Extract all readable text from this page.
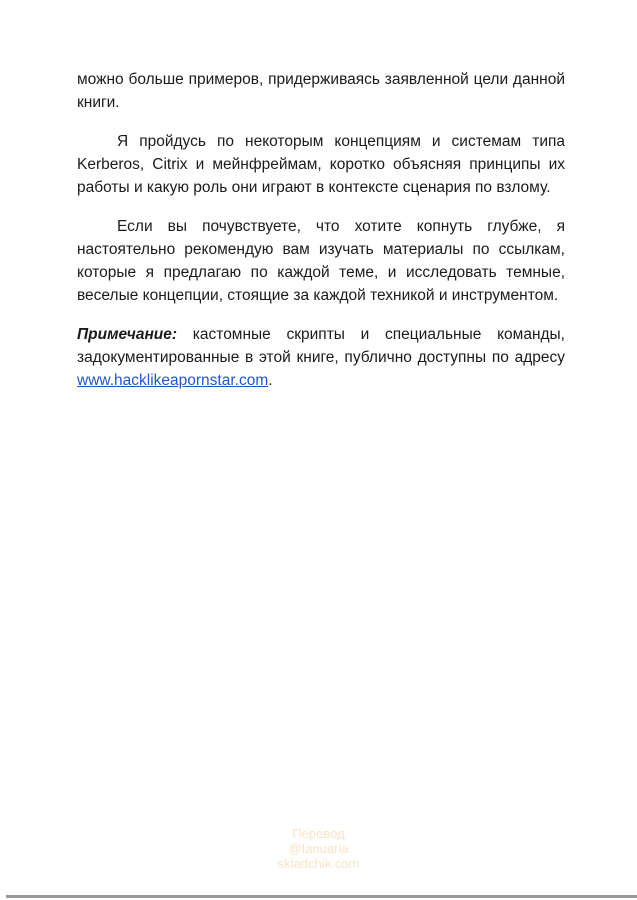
можно больше примеров, придерживаясь заявленной цели данной книги.

Я пройдусь по некоторым концепциям и системам типа Kerberos, Citrix и мейнфреймам, коротко объясняя принципы их работы и какую роль они играют в контексте сценария по взлому.

Если вы почувствуете, что хотите копнуть глубже, я настоятельно рекомендую вам изучать материалы по ссылкам, которые я предлагаю по каждой теме, и исследовать темные, веселые концепции, стоящие за каждой техникой и инструментом.

Примечание: кастомные скрипты и специальные команды, задокументированные в этой книге, публично доступны по адресу www.hacklikeapornstar.com.

Перевод
@Ianuaria
skladchik.com
